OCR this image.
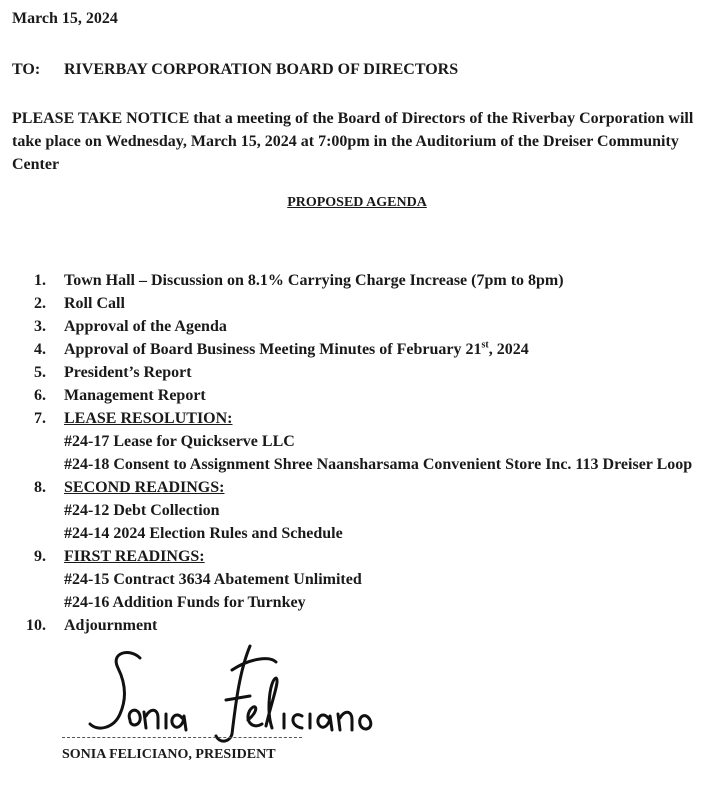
March 15, 2024
TO: RIVERBAY CORPORATION BOARD OF DIRECTORS
PLEASE TAKE NOTICE that a meeting of the Board of Directors of the Riverbay Corporation will take place on Wednesday, March 15, 2024 at 7:00pm in the Auditorium of the Dreiser Community Center
PROPOSED AGENDA
1.	Town Hall – Discussion on 8.1% Carrying Charge Increase (7pm to 8pm)
2.	Roll Call
3.	Approval of the Agenda
4.	Approval of Board Business Meeting Minutes of February 21st, 2024
5.	President’s Report
6.	Management Report
7.	LEASE RESOLUTION:
#24-17 Lease for Quickserve LLC
#24-18 Consent to Assignment Shree Naansharsama Convenient Store Inc. 113 Dreiser Loop
8.	SECOND READINGS:
#24-12 Debt Collection
#24-14 2024 Election Rules and Schedule
9.	FIRST READINGS:
#24-15 Contract 3634 Abatement Unlimited
#24-16 Addition Funds for Turnkey
10.	Adjournment
SONIA FELICIANO, PRESIDENT
